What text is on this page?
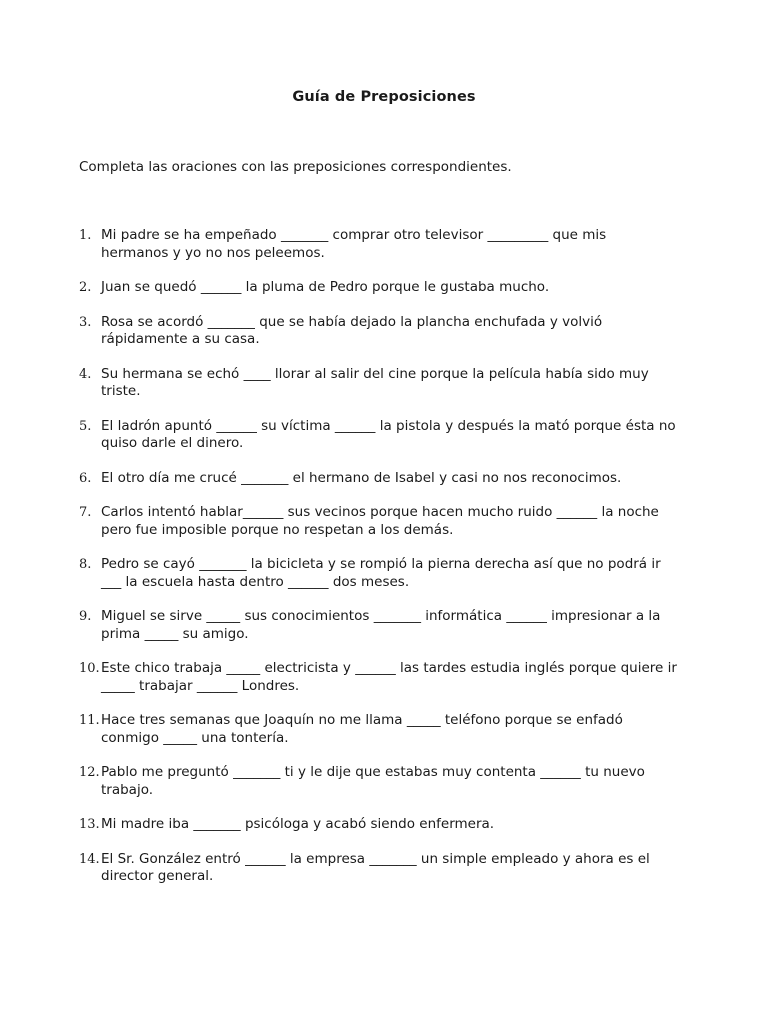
Guía de Preposiciones
Completa las oraciones con las preposiciones correspondientes.
1. Mi padre se ha empeñado _______ comprar otro televisor _________ que mis
hermanos y yo no nos peleemos.
2. Juan se quedó ______ la pluma de Pedro porque le gustaba mucho.
3. Rosa se acordó _______ que se había dejado la plancha enchufada y volvió
rápidamente a su casa.
4. Su hermana se echó ____ llorar al salir del cine porque la película había sido muy
triste.
5. El ladrón apuntó ______ su víctima ______ la pistola y después la mató porque ésta no
quiso darle el dinero.
6. El otro día me crucé _______ el hermano de Isabel y casi no nos reconocimos.
7. Carlos intentó hablar______ sus vecinos porque hacen mucho ruido ______ la noche
pero fue imposible porque no respetan a los demás.
8. Pedro se cayó _______ la bicicleta y se rompió la pierna derecha así que no podrá ir
___ la escuela hasta dentro ______ dos meses.
9. Miguel se sirve _____ sus conocimientos _______ informática ______ impresionar a la
prima _____ su amigo.
10. Este chico trabaja _____ electricista y ______ las tardes estudia inglés porque quiere ir
_____ trabajar ______ Londres.
11. Hace tres semanas que Joaquín no me llama _____ teléfono porque se enfadó
conmigo _____ una tontería.
12. Pablo me preguntó _______ ti y le dije que estabas muy contenta ______ tu nuevo
trabajo.
13. Mi madre iba _______ psicóloga y acabó siendo enfermera.
14. El Sr. González entró ______ la empresa _______ un simple empleado y ahora es el
director general.
